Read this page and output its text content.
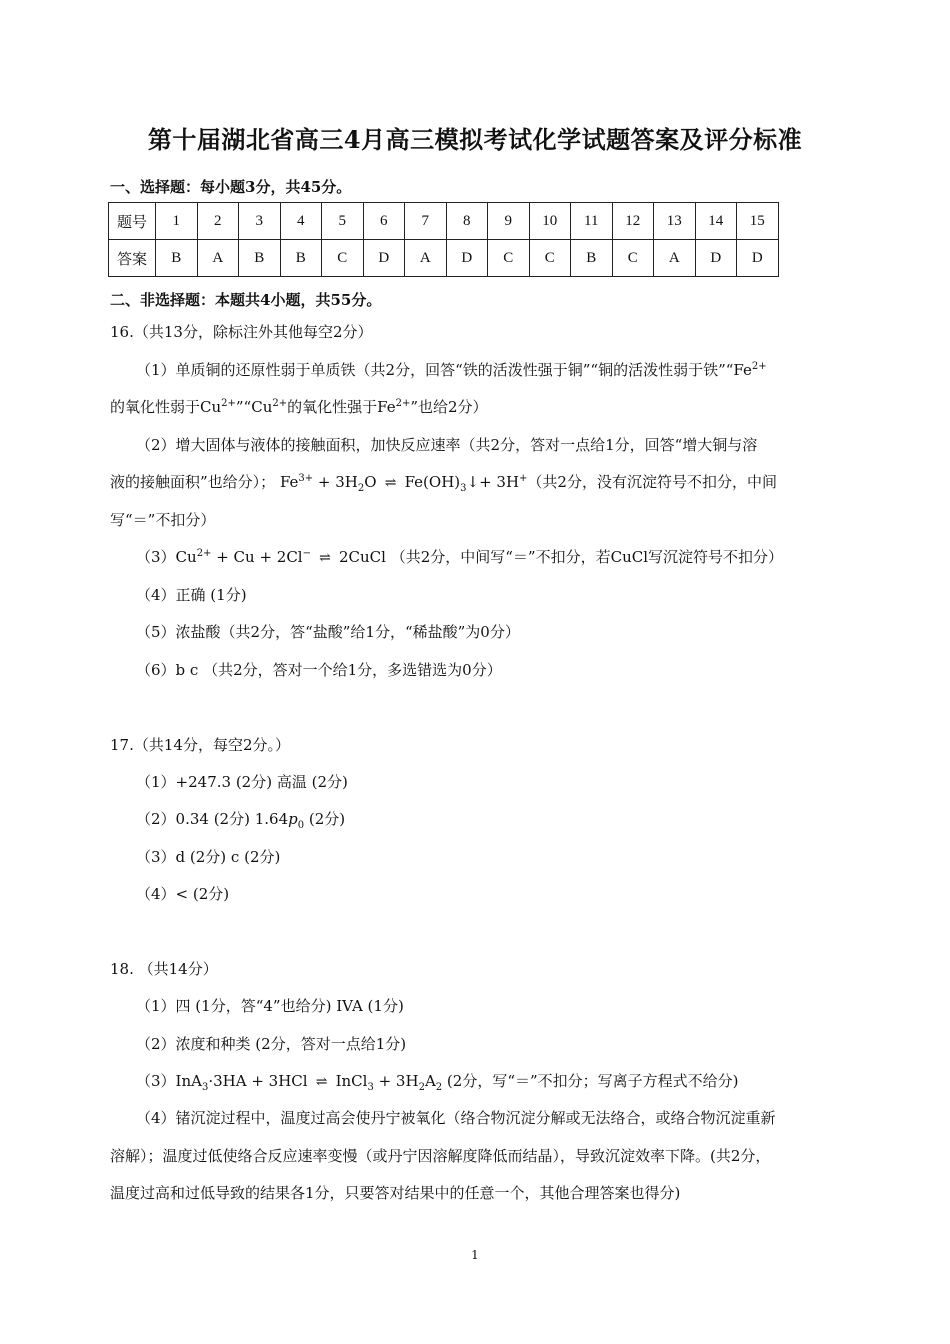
第十届湖北省高三4月高三模拟考试化学试题答案及评分标准
一、选择题：每小题3分，共45分。
题号	1	2	3	4	5	6	7	8	9	10	11	12	13	14	15
答案	B	A	B	B	C	D	A	D	C	C	B	C	A	D	D
二、非选择题：本题共4小题，共55分。
16.（共13分，除标注外其他每空2分）
（1）单质铜的还原性弱于单质铁（共2分，回答“铁的活泼性强于铜”“铜的活泼性弱于铁$”“Fe^{2+}$
的氧化性弱于$Cu^{2+}”“Cu^{2+}$的氧化性强于$Fe^{2+}$”也给2分）
（2）增大固体与液体的接触面积，加快反应速率（共2分，答对一点给1分，回答“增大铜与溶
液的接触面积”也给分）； $Fe^{3+} + 3H_2O$ ⇌ $Fe(OH)_3↓+ 3H^+$（共2分，没有沉淀符号不扣分，中间
写“＝”不扣分）
$(3)Cu^{2+} + Cu + 2Cl^-$ ⇌ 2CuCl （共2分，中间写“＝”不扣分，若CuCl写沉淀符号不扣分）
（4）正确 (1分)
（5）浓盐酸（共2分，答“盐酸”给1分，“稀盐酸”为0分）
（6）b c （共2分，答对一个给1分，多选错选为0分）
17.（共14分，每空2分。）
（1）+247.3 (2分) 高温 (2分)
（2）0.34 (2分) $1.64p_0$ (2分)
（3）d (2分) c (2分)
（4）< (2分)
18. （共14分）
（1）四 (1分，答“4”也给分) IVA (1分)
（2）浓度和种类 (2分，答对一点给1分)
（3）InA$_3$·3HA + 3HCl ⇌ InCl$_3$ + $3H_2A_2$ (2分，写“＝”不扣分；写离子方程式不给分)
（4）锗沉淀过程中，温度过高会使丹宁被氧化（络合物沉淀分解或无法络合，或络合物沉淀重新
溶解）；温度过低使络合反应速率变慢（或丹宁因溶解度降低而结晶），导致沉淀效率下降。(共2分，
温度过高和过低导致的结果各1分，只要答对结果中的任意一个，其他合理答案也得分)
1
